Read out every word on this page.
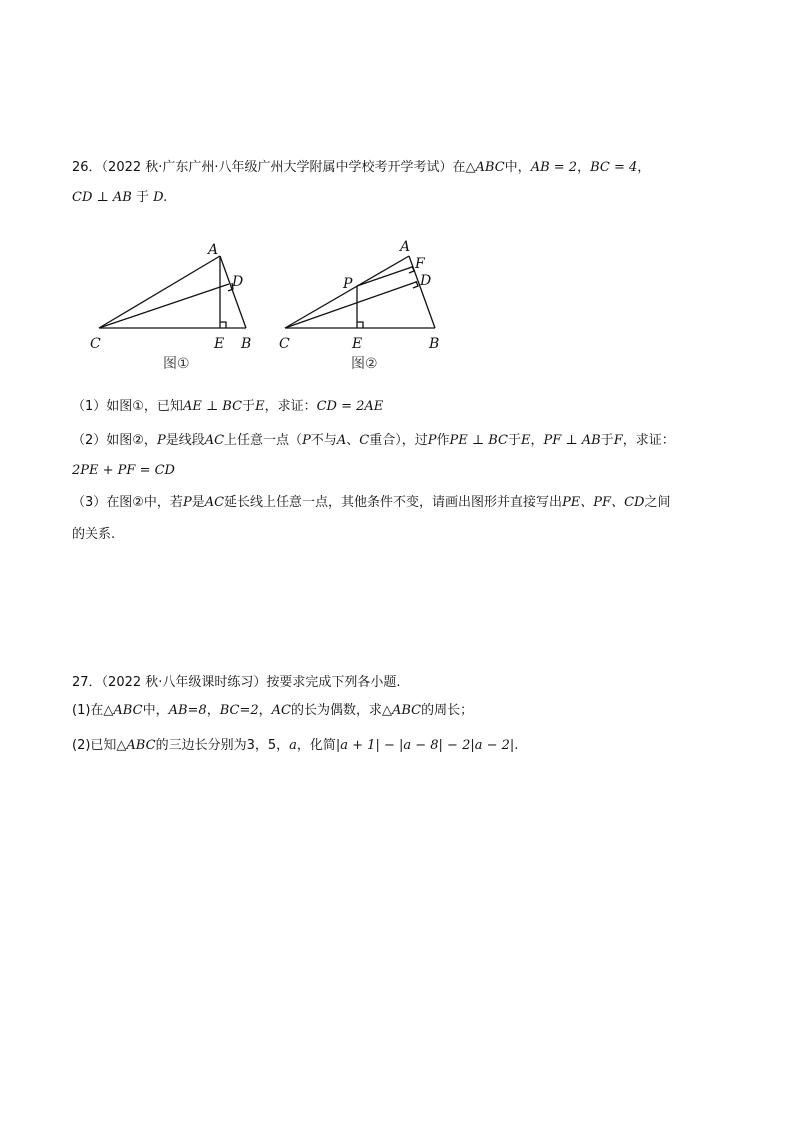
26．（2022 秋·广东广州·八年级广州大学附属中学校考开学考试）在△ABC中，AB = 2，BC = 4，
CD ⊥ AB 于 D.
A
D
C	E B
图①
A
F
D
P
C	E	B
图②
（1）如图①，已知AE ⊥ BC于E，求证：CD = 2AE
（2）如图②，P是线段AC上任意一点（P不与A、C重合），过P作PE ⊥ BC于E，PF ⊥ AB于F，求证：
2PE + PF = CD
（3）在图②中，若P是AC延长线上任意一点，其他条件不变，请画出图形并直接写出PE、PF、CD之间
的关系.
27．（2022 秋·八年级课时练习）按要求完成下列各小题.
(1)在△ABC中，AB=8，BC=2，AC的长为偶数，求△ABC的周长；
(2)已知△ABC的三边长分别为3，5，a，化简|a + 1| − |a − 8| − 2|a − 2|.
